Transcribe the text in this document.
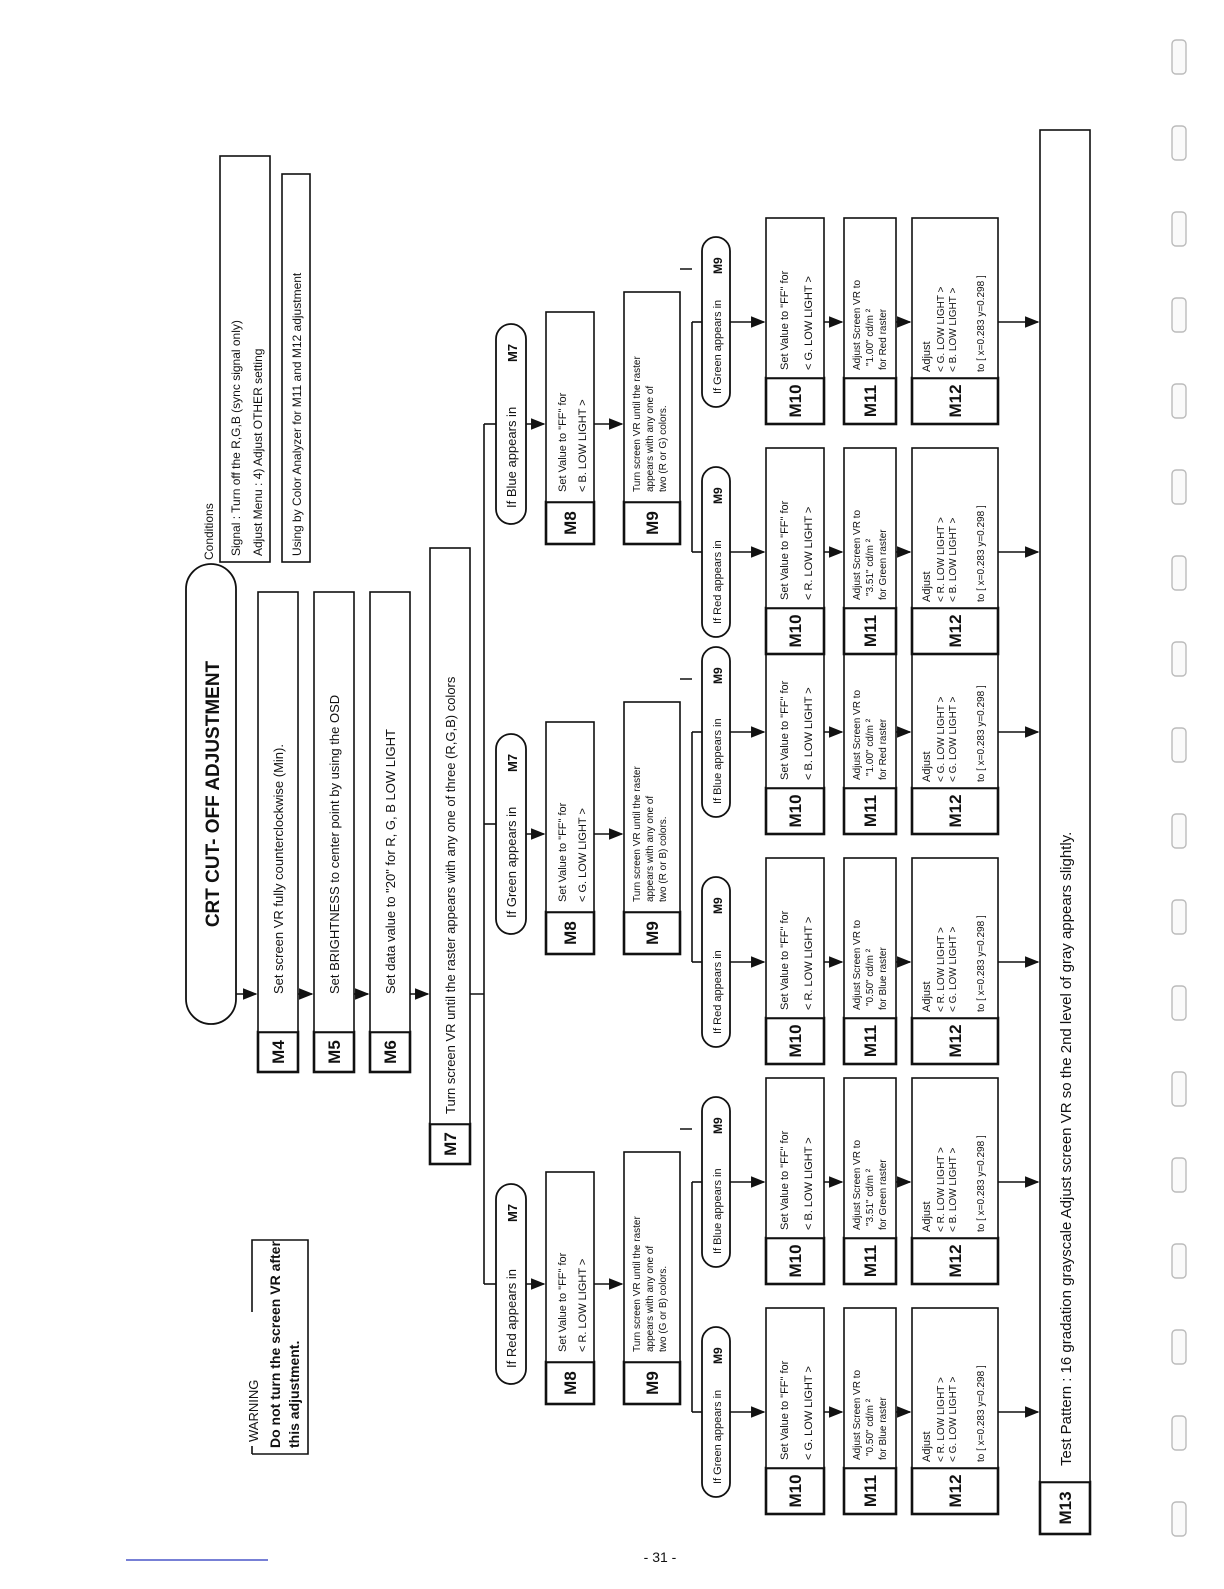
CRT CUT- OFF ADJUSTMENT
Conditions Signal : Turn off the R,G,B (sync signal only) Adjust Menu : 4) Adjust OTHER setting Using by Color Analyzer for M11 and M12 adjustment
WARNING Do not turn the screen VR after this adjustment.
M4
Set screen VR fully counterclockwise (Min).
M5
Set BRIGHTNESS to center point by using the OSD
M6
Set data value to "20" for R, G, B LOW LIGHT
M7
Turn screen VR until the raster appears with any one of three (R,G,B) colors
If Red appears in
M7
M8
Set Value to "FF" for < R. LOW LIGHT >
M9
Turn screen VR until the raster appears with any one of two (G or B) colors.
If Green appears in
M9
M10
Set Value to "FF" for < G. LOW LIGHT >
M11
Adjust Screen VR to "0.50" cd/m ² for Blue raster
M12
Adjust < R. LOW LIGHT > < G. LOW LIGHT > to [ x=0.283 y=0.298 ]
If Blue appears in
M9
M10
Set Value to "FF" for < B. LOW LIGHT >
M11
Adjust Screen VR to "3.51" cd/m ² for Green raster
M12
Adjust < R. LOW LIGHT > < B. LOW LIGHT > to [ x=0.283 y=0.298 ]
If Green appears in
M7
M8
Set Value to "FF" for < G. LOW LIGHT >
M9
Turn screen VR until the raster appears with any one of two (R or B) colors.
If Red appears in
M9
M10
Set Value to "FF" for < R. LOW LIGHT >
M11
Adjust Screen VR to "0.50" cd/m ² for Blue raster
M12
Adjust < R. LOW LIGHT > < G. LOW LIGHT > to [ x=0.283 y=0.298 ]
If Blue appears in
M9
M10
Set Value to "FF" for < B. LOW LIGHT >
M11
Adjust Screen VR to "1.00" cd/m ² for Red raster
M12
Adjust < G. LOW LIGHT > < G. LOW LIGHT > to [ x=0.283 y=0.298 ]
If Blue appears in
M7
M8
Set Value to "FF" for < B. LOW LIGHT >
M9
Turn screen VR until the raster appears with any one of two (R or G) colors.
If Red appears in
M9
M10
Set Value to "FF" for < R. LOW LIGHT >
M11
Adjust Screen VR to "3.51" cd/m ² for Green raster
M12
Adjust < R. LOW LIGHT > < B. LOW LIGHT > to [ x=0.283 y=0.298 ]
If Green appears in
M9
M10
Set Value to "FF" for < G. LOW LIGHT >
M11
Adjust Screen VR to "1.00" cd/m ² for Red raster
M12
Adjust < G. LOW LIGHT > < B. LOW LIGHT > to [ x=0.283 y=0.298 ]
M13
Test Pattern : 16 gradation grayscale Adjust screen VR so the 2nd level of gray appears slightly.
- 31 -
